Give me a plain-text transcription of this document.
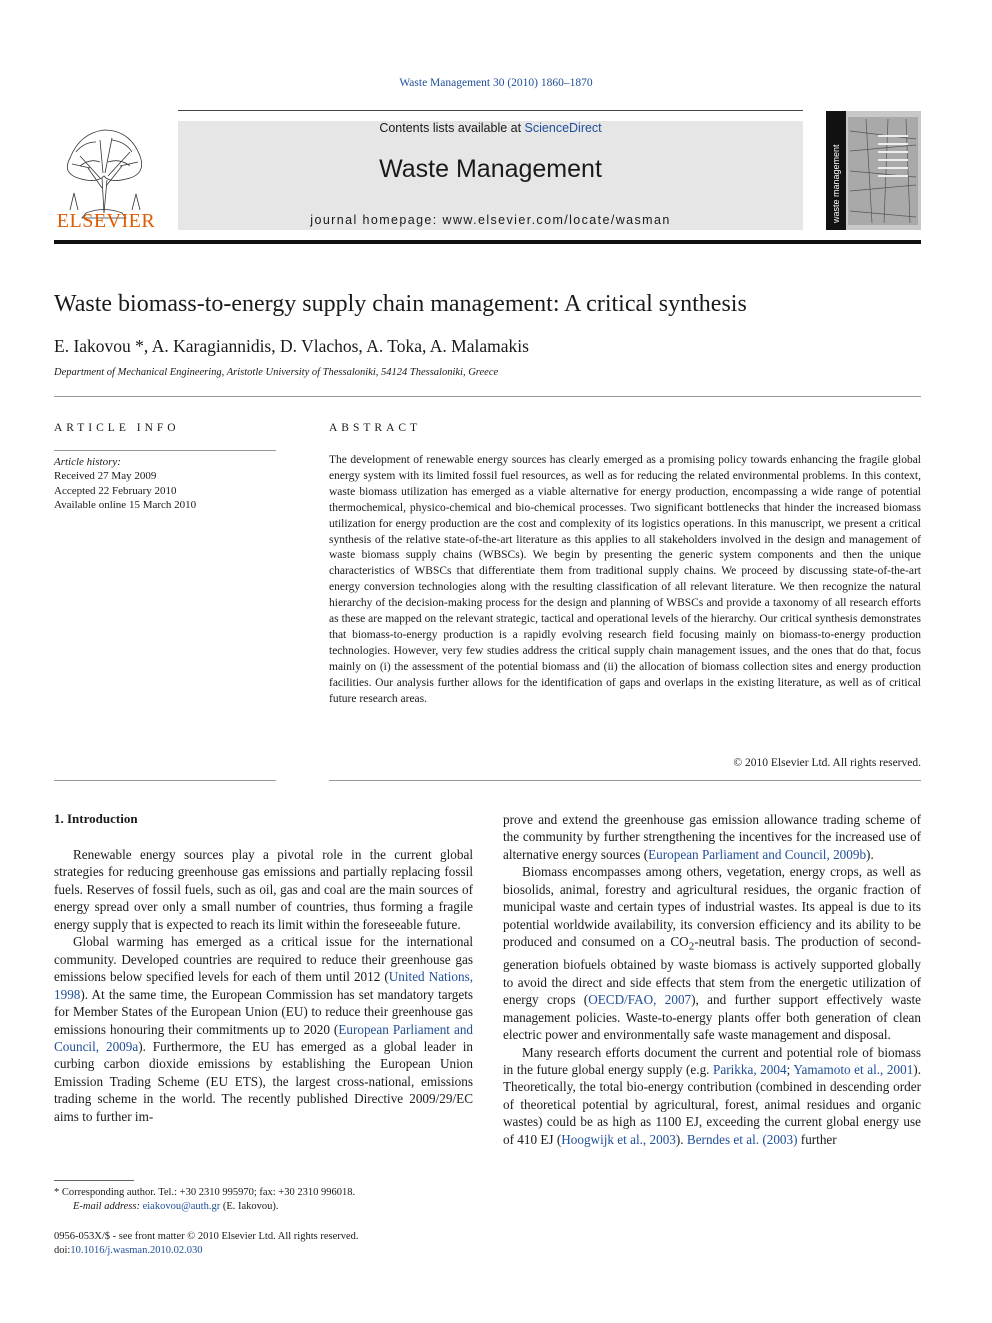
Waste Management 30 (2010) 1860–1870
ELSEVIER
Contents lists available at ScienceDirect
Waste Management
journal homepage: www.elsevier.com/locate/wasman	waste management
Waste biomass-to-energy supply chain management: A critical synthesis
E. Iakovou *, A. Karagiannidis, D. Vlachos, A. Toka, A. Malamakis
Department of Mechanical Engineering, Aristotle University of Thessaloniki, 54124 Thessaloniki, Greece
ARTICLE INFO
Article history:
Received 27 May 2009
Accepted 22 February 2010
Available online 15 March 2010
ABSTRACT
The development of renewable energy sources has clearly emerged as a promising policy towards enhancing the fragile global energy system with its limited fossil fuel resources, as well as for reducing the related environmental problems. In this context, waste biomass utilization has emerged as a viable alternative for energy production, encompassing a wide range of potential thermochemical, physico-chemical and bio-chemical processes. Two significant bottlenecks that hinder the increased biomass utilization for energy production are the cost and complexity of its logistics operations. In this manuscript, we present a critical synthesis of the relative state-of-the-art literature as this applies to all stakeholders involved in the design and management of waste biomass supply chains (WBSCs). We begin by presenting the generic system components and then the unique characteristics of WBSCs that differentiate them from traditional supply chains. We proceed by discussing state-of-the-art energy conversion technologies along with the resulting classification of all relevant literature. We then recognize the natural hierarchy of the decision-making process for the design and planning of WBSCs and provide a taxonomy of all research efforts as these are mapped on the relevant strategic, tactical and operational levels of the hierarchy. Our critical synthesis demonstrates that biomass-to-energy production is a rapidly evolving research field focusing mainly on biomass-to-energy production technologies. However, very few studies address the critical supply chain management issues, and the ones that do that, focus mainly on (i) the assessment of the potential biomass and (ii) the allocation of biomass collection sites and energy production facilities. Our analysis further allows for the identification of gaps and overlaps in the existing literature, as well as of critical future research areas.
© 2010 Elsevier Ltd. All rights reserved.
1. Introduction

Renewable energy sources play a pivotal role in the current global strategies for reducing greenhouse gas emissions and partially replacing fossil fuels. Reserves of fossil fuels, such as oil, gas and coal are the main sources of energy spread over only a small number of countries, thus forming a fragile energy supply that is expected to reach its limit within the foreseeable future.

Global warming has emerged as a critical issue for the international community. Developed countries are required to reduce their greenhouse gas emissions below specified levels for each of them until 2012 (United Nations, 1998). At the same time, the European Commission has set mandatory targets for Member States of the European Union (EU) to reduce their greenhouse gas emissions honouring their commitments up to 2020 (European Parliament and Council, 2009a). Furthermore, the EU has emerged as a global leader in curbing carbon dioxide emissions by establishing the European Union Emission Trading Scheme (EU ETS), the largest cross-national, emissions trading scheme in the world. The recently published Directive 2009/29/EC aims to further im-

prove and extend the greenhouse gas emission allowance trading scheme of the community by further strengthening the incentives for the increased use of alternative energy sources (European Parliament and Council, 2009b).

Biomass encompasses among others, vegetation, energy crops, as well as biosolids, animal, forestry and agricultural residues, the organic fraction of municipal waste and certain types of industrial wastes. Its appeal is due to its potential worldwide availability, its conversion efficiency and its ability to be produced and consumed on a $CO_2$-neutral basis. The production of second-generation biofuels obtained by waste biomass is actively supported globally to avoid the direct and side effects that stem from the energetic utilization of energy crops (OECD/FAO, 2007), and further support effectively waste management policies. Waste-to-energy plants offer both generation of clean electric power and environmentally safe waste management and disposal.

Many research efforts document the current and potential role of biomass in the future global energy supply (e.g. Parikka, 2004; Yamamoto et al., 2001). Theoretically, the total bio-energy contribution (combined in descending order of theoretical potential by agricultural, forest, animal residues and organic wastes) could be as high as 1100 EJ, exceeding the current global energy use of 410 EJ (Hoogwijk et al., 2003). Berndes et al. (2003) further

* Corresponding author. Tel.: +30 2310 995970; fax: +30 2310 996018.
E-mail address: eiakovou@auth.gr (E. Iakovou).
0956-053X/$ - see front matter © 2010 Elsevier Ltd. All rights reserved.
doi:10.1016/j.wasman.2010.02.030
